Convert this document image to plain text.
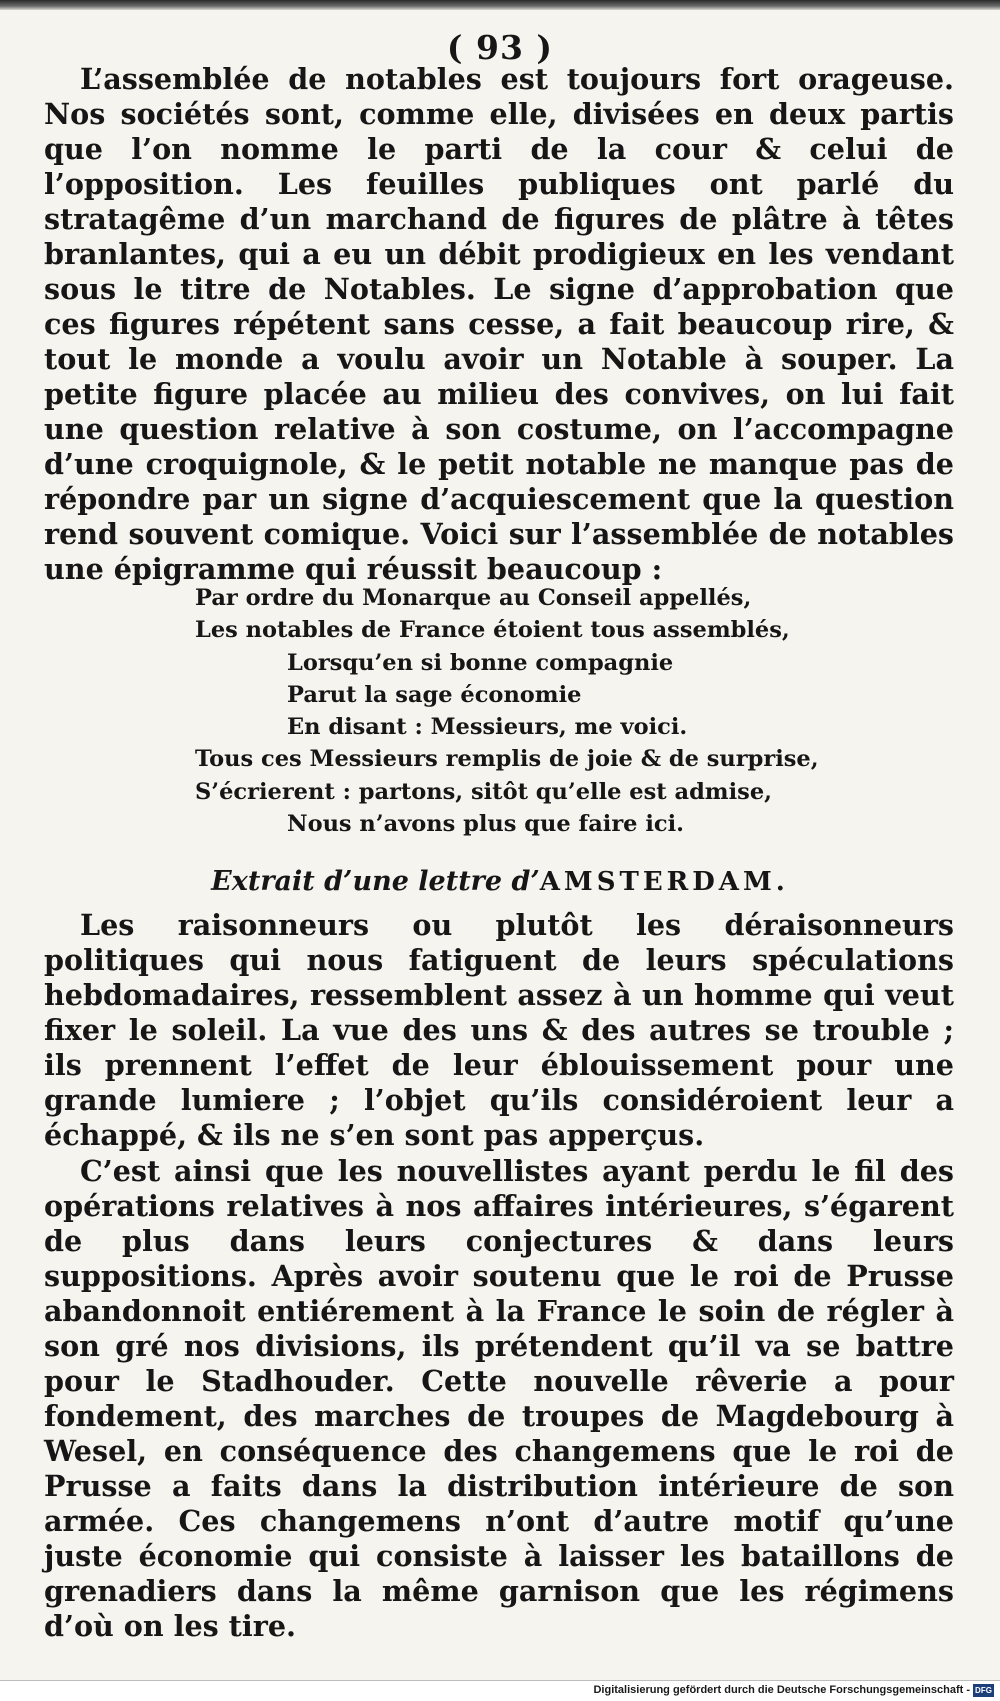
( 93 )

L’assemblée de notables est toujours fort orageuse. Nos sociétés sont, comme elle, divisées en deux partis que l’on nomme le parti de la cour & celui de l’opposition. Les feuilles publiques ont parlé du stratagême d’un marchand de figures de plâtre à têtes branlantes, qui a eu un débit prodigieux en les vendant sous le titre de Notables. Le signe d’approbation que ces figures répétent sans cesse, a fait beaucoup rire, & tout le monde a voulu avoir un Notable à souper. La petite figure placée au milieu des convives, on lui fait une question relative à son costume, on l’accompagne d’une croquignole, & le petit notable ne manque pas de répondre par un signe d’acquiescement que la question rend souvent comique. Voici sur l’assemblée de notables une épigramme qui réussit beaucoup :

Par ordre du Monarque au Conseil appellés,
Les notables de France étoient tous assemblés,
Lorsqu’en si bonne compagnie
Parut la sage économie
En disant : Messieurs, me voici.
Tous ces Messieurs remplis de joie & de surprise,
S’écrierent : partons, sitôt qu’elle est admise,
Nous n’avons plus que faire ici.
Extrait d’une lettre d’AMSTERDAM.

Les raisonneurs ou plutôt les déraisonneurs politiques qui nous fatiguent de leurs spéculations hebdomadaires, ressemblent assez à un homme qui veut fixer le soleil. La vue des uns & des autres se trouble ; ils prennent l’effet de leur éblouissement pour une grande lumiere ; l’objet qu’ils considéroient leur a échappé, & ils ne s’en sont pas apperçus.

C’est ainsi que les nouvellistes ayant perdu le fil des opérations relatives à nos affaires intérieures, s’égarent de plus dans leurs conjectures & dans leurs suppositions. Après avoir soutenu que le roi de Prusse abandonnoit entiérement à la France le soin de régler à son gré nos divisions, ils prétendent qu’il va se battre pour le Stadhouder. Cette nouvelle rêverie a pour fondement, des marches de troupes de Magdebourg à Wesel, en conséquence des changemens que le roi de Prusse a faits dans la distribution intérieure de son armée. Ces changemens n’ont d’autre motif qu’une juste économie qui consiste à laisser les bataillons de grenadiers dans la même garnison que les régimens d’où on les tire.

Digitalisierung gefördert durch die Deutsche Forschungsgemeinschaft - DFG
